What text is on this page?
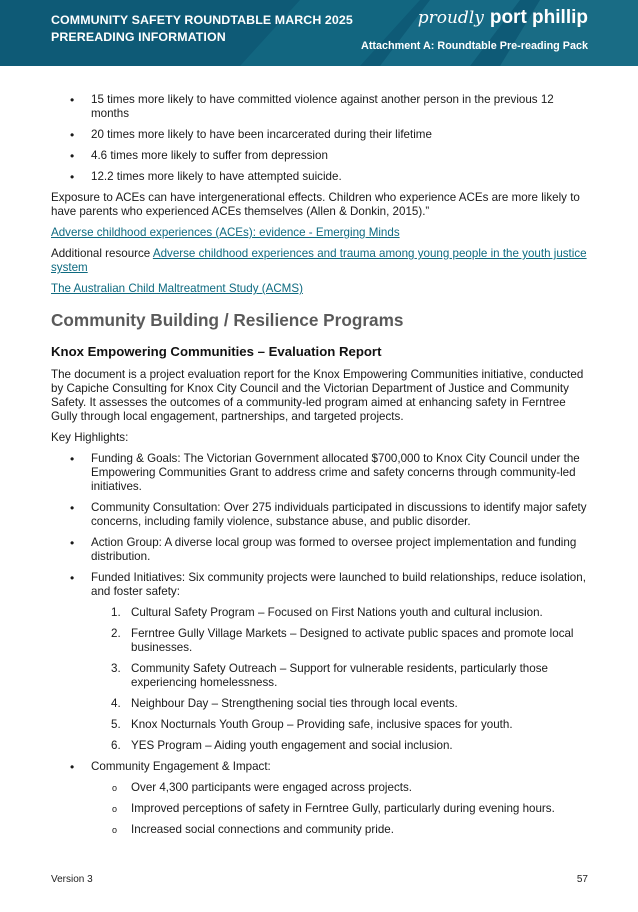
COMMUNITY SAFETY ROUNDTABLE MARCH 2025
PREREADING INFORMATION
proudly port phillip
Attachment A: Roundtable Pre-reading Pack
• 15 times more likely to have committed violence against another person in the previous 12 months
• 20 times more likely to have been incarcerated during their lifetime
• 4.6 times more likely to suffer from depression
• 12.2 times more likely to have attempted suicide.

Exposure to ACEs can have intergenerational effects. Children who experience ACEs are more likely to have parents who experienced ACEs themselves (Allen & Donkin, 2015).”

Adverse childhood experiences (ACEs): evidence - Emerging Minds

Additional resource Adverse childhood experiences and trauma among young people in the youth justice system

The Australian Child Maltreatment Study (ACMS)

Community Building / Resilience Programs
Knox Empowering Communities – Evaluation Report

The document is a project evaluation report for the Knox Empowering Communities initiative, conducted by Capiche Consulting for Knox City Council and the Victorian Department of Justice and Community Safety. It assesses the outcomes of a community-led program aimed at enhancing safety in Ferntree Gully through local engagement, partnerships, and targeted projects.

Key Highlights:

• Funding & Goals: The Victorian Government allocated $700,000 to Knox City Council under the Empowering Communities Grant to address crime and safety concerns through community-led initiatives.
• Community Consultation: Over 275 individuals participated in discussions to identify major safety concerns, including family violence, substance abuse, and public disorder.
• Action Group: A diverse local group was formed to oversee project implementation and funding distribution.
• Funded Initiatives: Six community projects were launched to build relationships, reduce isolation, and foster safety:
1. Cultural Safety Program – Focused on First Nations youth and cultural inclusion.
2. Ferntree Gully Village Markets – Designed to activate public spaces and promote local businesses.
3. Community Safety Outreach – Support for vulnerable residents, particularly those experiencing homelessness.
4. Neighbour Day – Strengthening social ties through local events.
5. Knox Nocturnals Youth Group – Providing safe, inclusive spaces for youth.
6. YES Program – Aiding youth engagement and social inclusion.
• Community Engagement & Impact:
o Over 4,300 participants were engaged across projects.
o Improved perceptions of safety in Ferntree Gully, particularly during evening hours.
o Increased social connections and community pride.
Version 3	57
